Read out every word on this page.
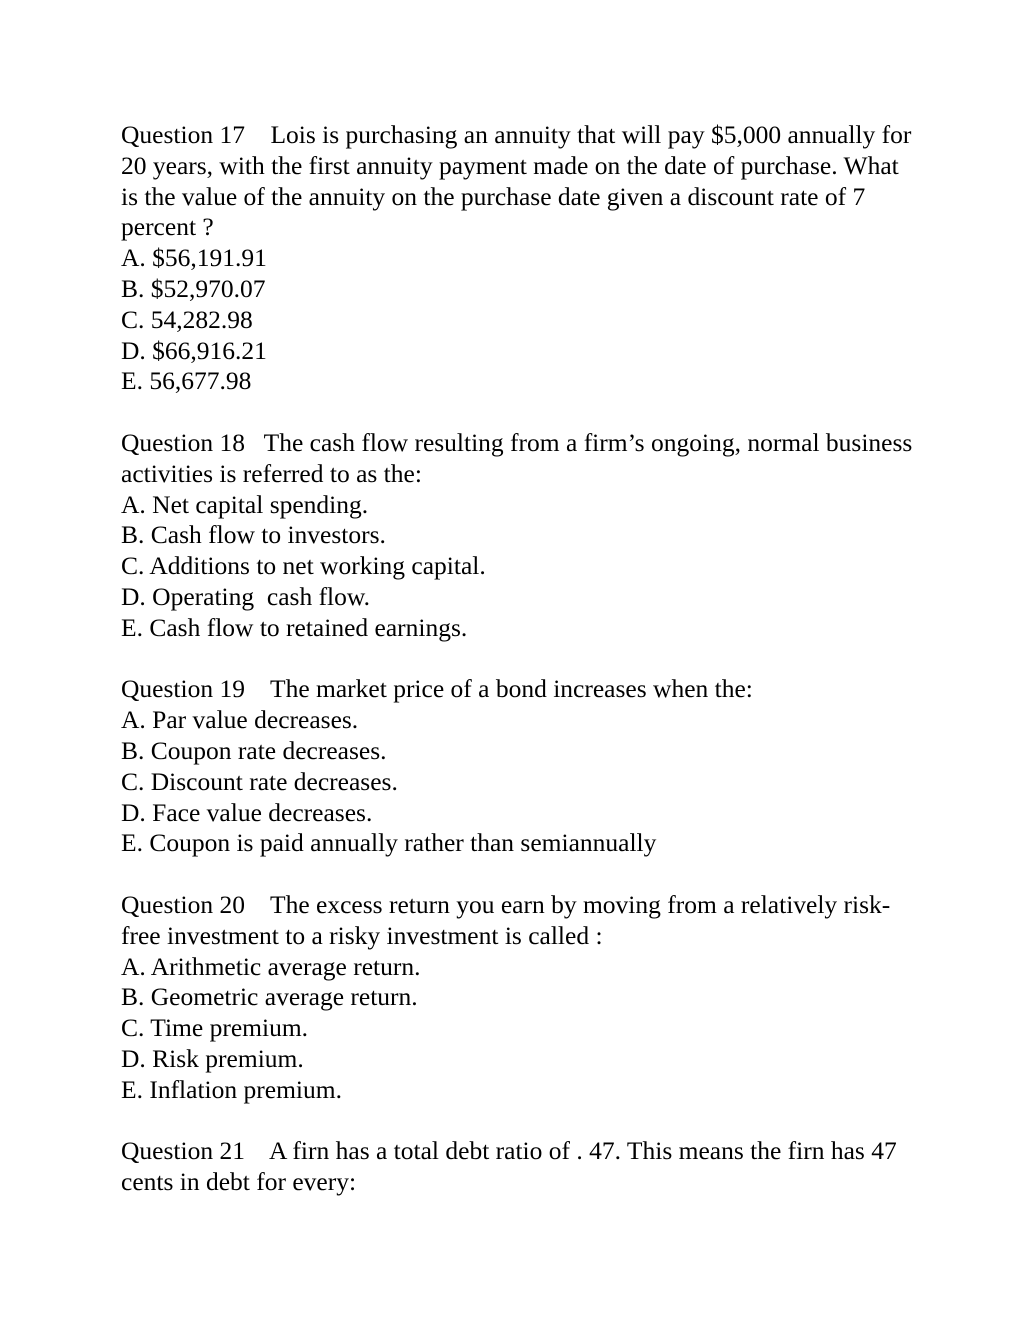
Question 17 Lois is purchasing an annuity that will pay $5,000 annually for 20 years, with the first annuity payment made on the date of purchase. What is the value of the annuity on the purchase date given a discount rate of 7 percent ?
A. $56,191.91
B. $52,970.07
C. 54,282.98
D. $66,916.21
E. 56,677.98
Question 18 The cash flow resulting from a firm’s ongoing, normal business activities is referred to as the:
A. Net capital spending.
B. Cash flow to investors.
C. Additions to net working capital.
D. Operating  cash flow.
E. Cash flow to retained earnings.
Question 19 The market price of a bond increases when the:
A. Par value decreases.
B. Coupon rate decreases.
C. Discount rate decreases.
D. Face value decreases.
E. Coupon is paid annually rather than semiannually
Question 20 The excess return you earn by moving from a relatively risk-free investment to a risky investment is called :
A. Arithmetic average return.
B. Geometric average return.
C. Time premium.
D. Risk premium.
E. Inflation premium.
Question 21 A firn has a total debt ratio of . 47. This means the firn has 47 cents in debt for every:
